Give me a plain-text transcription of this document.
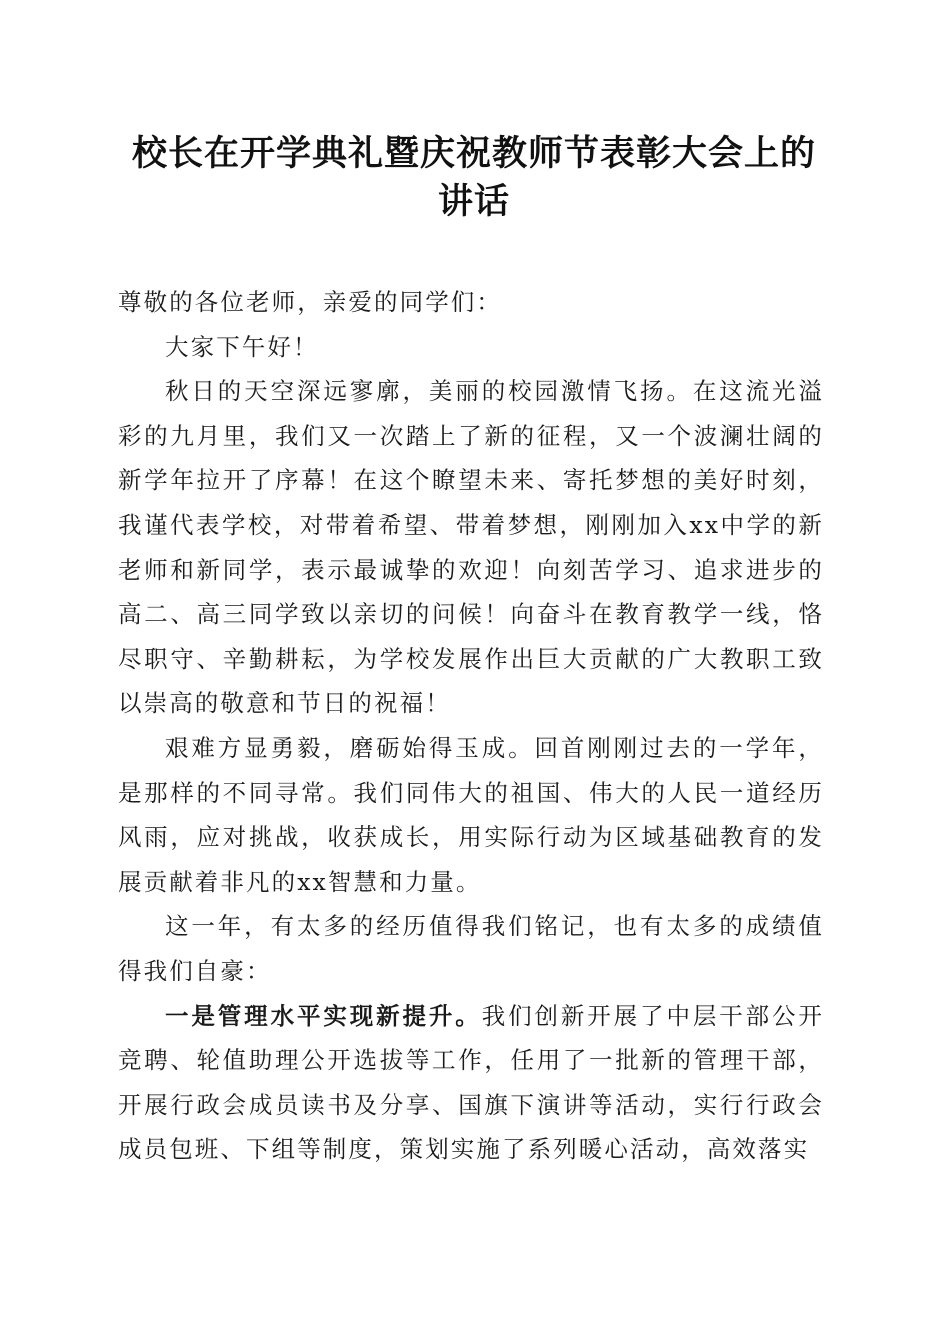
校长在开学典礼暨庆祝教师节表彰大会上的讲话

尊敬的各位老师，亲爱的同学们：

大家下午好！

秋日的天空深远寥廓，美丽的校园激情飞扬。在这流光溢彩的九月里，我们又一次踏上了新的征程，又一个波澜壮阔的新学年拉开了序幕！在这个瞭望未来、寄托梦想的美好时刻，我谨代表学校，对带着希望、带着梦想，刚刚加入xx中学的新老师和新同学，表示最诚挚的欢迎！向刻苦学习、追求进步的高二、高三同学致以亲切的问候！向奋斗在教育教学一线，恪尽职守、辛勤耕耘，为学校发展作出巨大贡献的广大教职工致以崇高的敬意和节日的祝福！

艰难方显勇毅，磨砺始得玉成。回首刚刚过去的一学年，是那样的不同寻常。我们同伟大的祖国、伟大的人民一道经历风雨，应对挑战，收获成长，用实际行动为区域基础教育的发展贡献着非凡的xx智慧和力量。

这一年，有太多的经历值得我们铭记，也有太多的成绩值得我们自豪：

一是管理水平实现新提升。我们创新开展了中层干部公开竞聘、轮值助理公开选拔等工作，任用了一批新的管理干部，开展行政会成员读书及分享、国旗下演讲等活动，实行行政会成员包班、下组等制度，策划实施了系列暖心活动，高效落实
